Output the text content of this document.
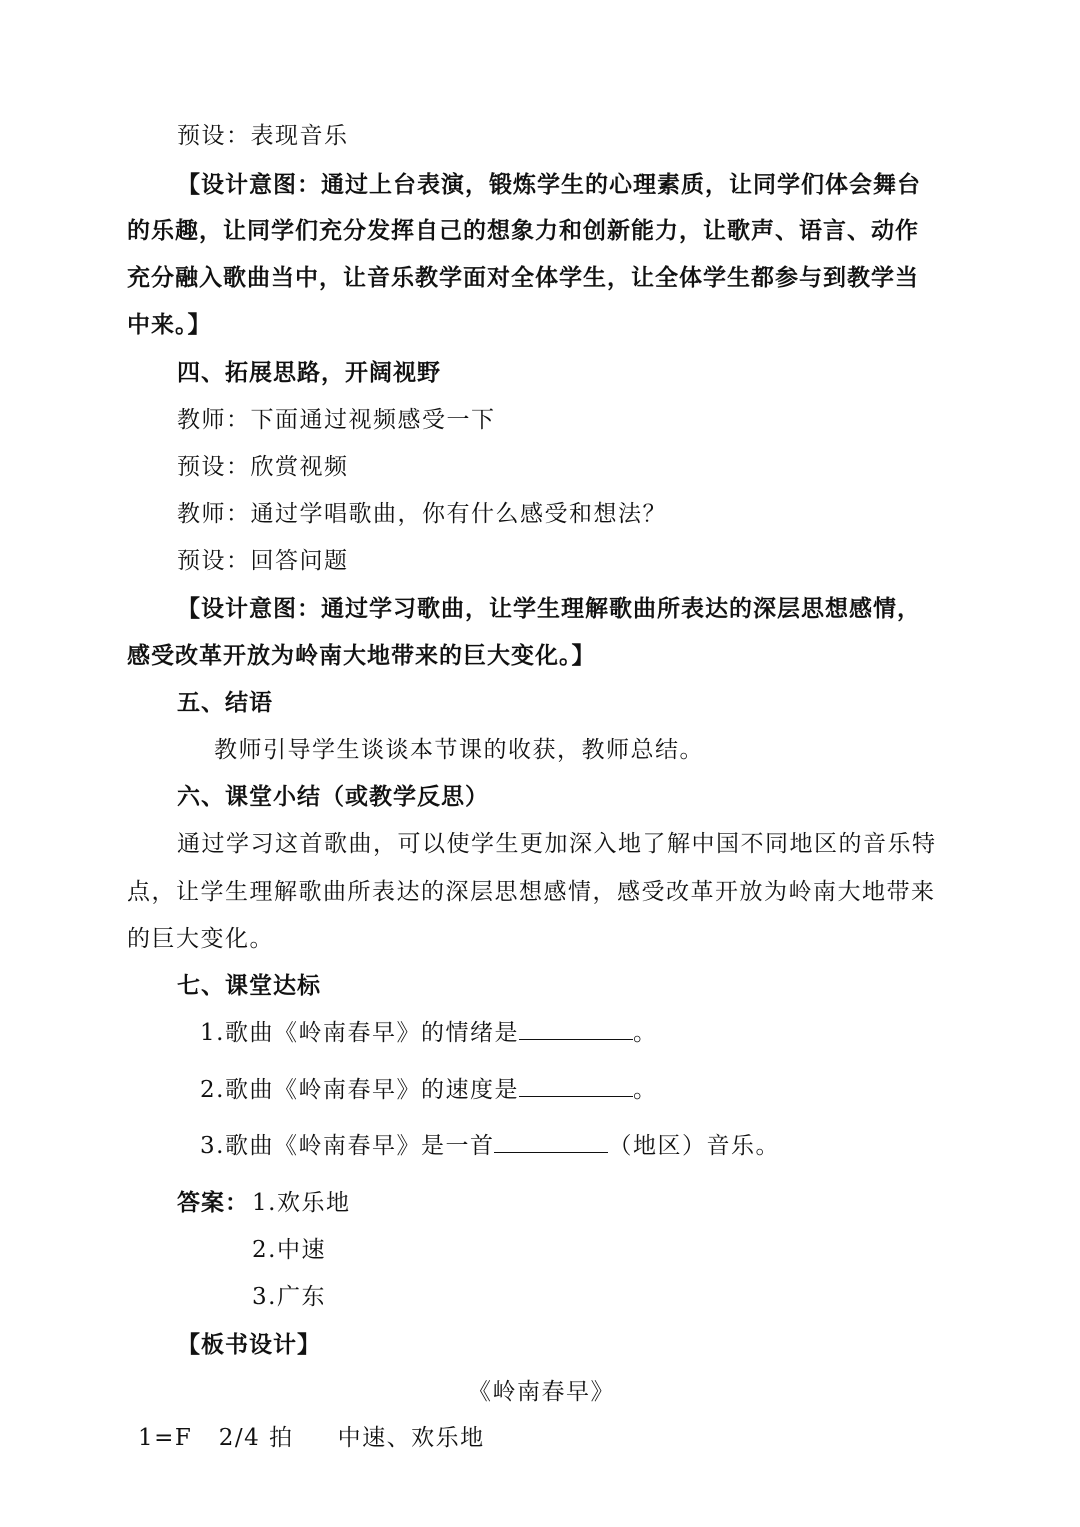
预设：表现音乐
【设计意图：通过上台表演，锻炼学生的心理素质，让同学们体会舞台
的乐趣，让同学们充分发挥自己的想象力和创新能力，让歌声、语言、动作
充分融入歌曲当中，让音乐教学面对全体学生，让全体学生都参与到教学当
中来。】
四、拓展思路，开阔视野
教师：下面通过视频感受一下
预设：欣赏视频
教师：通过学唱歌曲，你有什么感受和想法？
预设：回答问题
【设计意图：通过学习歌曲，让学生理解歌曲所表达的深层思想感情，
感受改革开放为岭南大地带来的巨大变化。】
五、结语
教师引导学生谈谈本节课的收获，教师总结。
六、课堂小结（或教学反思）
通过学习这首歌曲，可以使学生更加深入地了解中国不同地区的音乐特
点，让学生理解歌曲所表达的深层思想感情，感受改革开放为岭南大地带来
的巨大变化。
七、课堂达标
1.歌曲《岭南春早》的情绪是	。
2.歌曲《岭南春早》的速度是	。
3.歌曲《岭南春早》是一首	（地区）音乐。
答案： 1.欢乐地
2.中速
3.广东
【板书设计】
《岭南春早》
1=F   2/4 拍     中速、欢乐地
